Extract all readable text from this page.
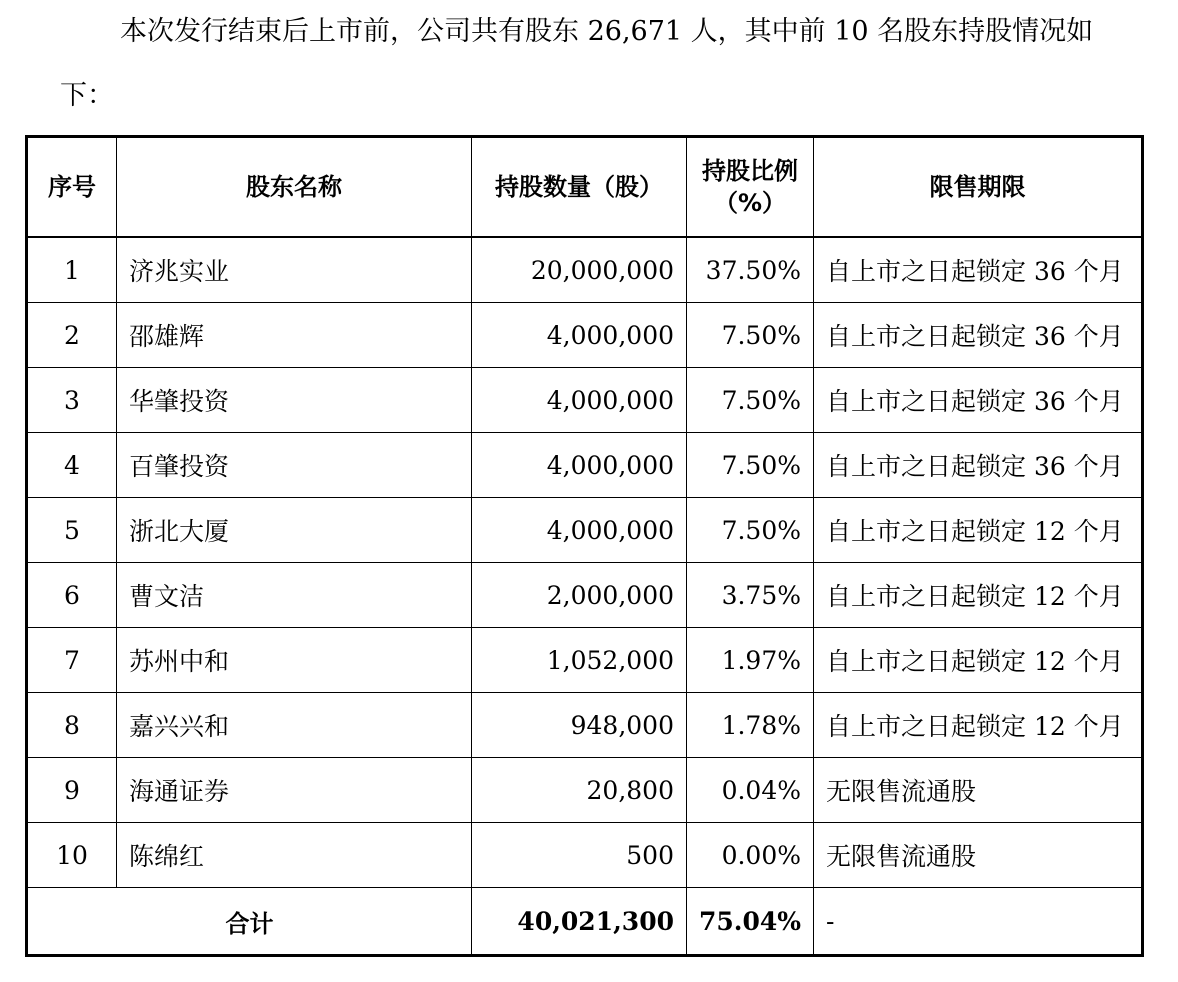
本次发行结束后上市前，公司共有股东 26,671 人，其中前 10 名股东持股情况如下：

序号	股东名称	持股数量（股）	持股比例（%）	限售期限
1	济兆实业	20,000,000	37.50%	自上市之日起锁定 36 个月
2	邵雄辉	4,000,000	7.50%	自上市之日起锁定 36 个月
3	华肇投资	4,000,000	7.50%	自上市之日起锁定 36 个月
4	百肇投资	4,000,000	7.50%	自上市之日起锁定 36 个月
5	浙北大厦	4,000,000	7.50%	自上市之日起锁定 12 个月
6	曹文洁	2,000,000	3.75%	自上市之日起锁定 12 个月
7	苏州中和	1,052,000	1.97%	自上市之日起锁定 12 个月
8	嘉兴兴和	948,000	1.78%	自上市之日起锁定 12 个月
9	海通证券	20,800	0.04%	无限售流通股
10	陈绵红	500	0.00%	无限售流通股
合计		40,021,300	75.04%	-
